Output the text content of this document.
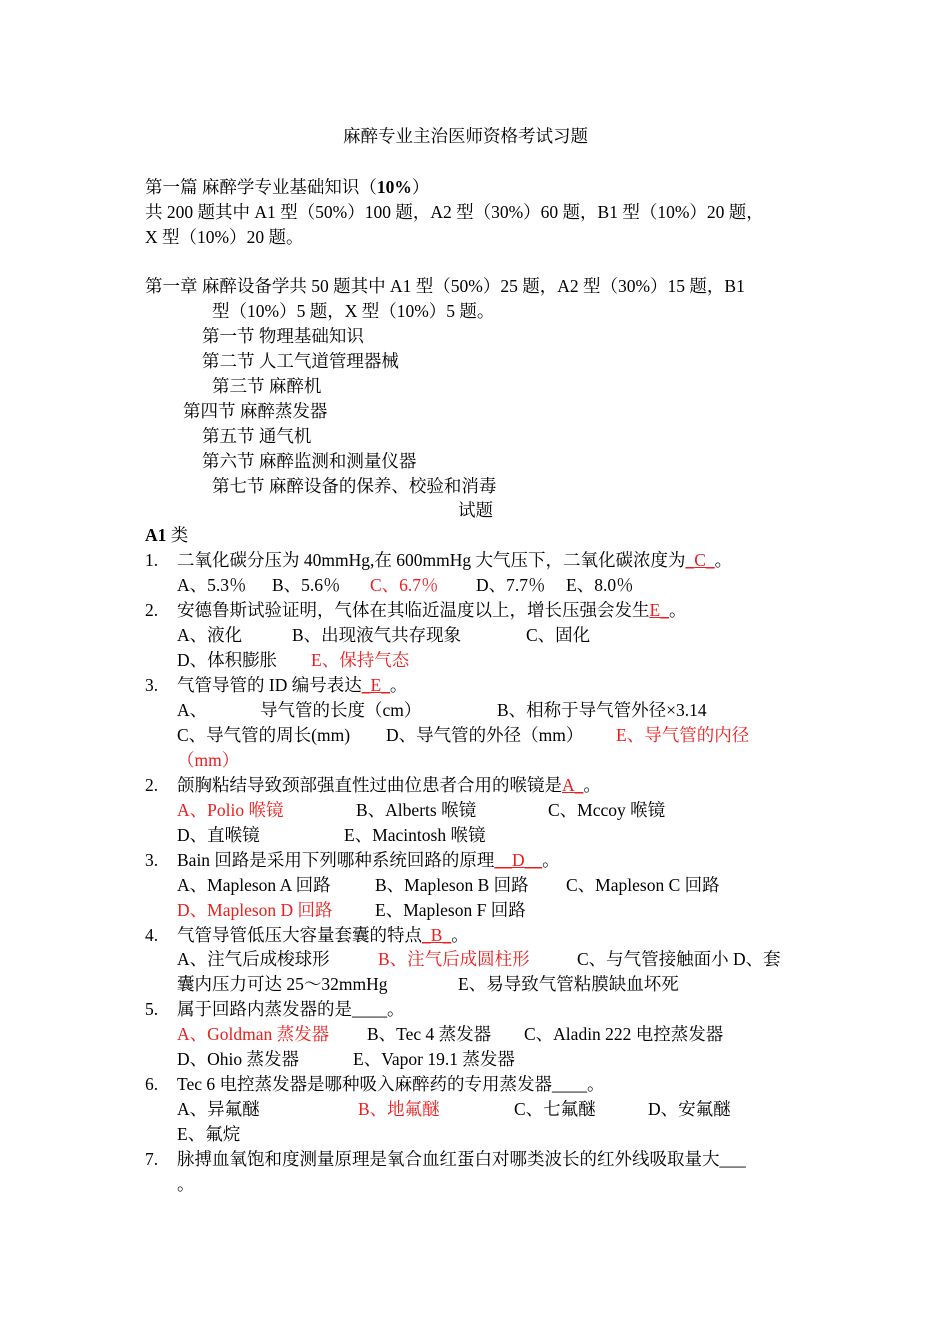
麻醉专业主治医师资格考试习题
第一篇 麻醉学专业基础知识（10%）
共 200 题其中 A1 型（50%）100 题，A2 型（30%）60 题，B1 型（10%）20 题，
X 型（10%）20 题。
第一章 麻醉设备学共 50 题其中 A1 型（50%）25 题，A2 型（30%）15 题，B1
型（10%）5 题，X 型（10%）5 题。
第一节 物理基础知识
第二节 人工气道管理器械
第三节 麻醉机
第四节 麻醉蒸发器
第五节 通气机
第六节 麻醉监测和测量仪器
第七节 麻醉设备的保养、校验和消毒
试题
A1 类
1. 二氧化碳分压为 40mmHg,在 600mmHg 大气压下，二氧化碳浓度为_C_。
A、5.3％ B、5.6％ C、6.7％ D、7.7％ E、8.0％
2. 安德鲁斯试验证明，气体在其临近温度以上，增长压强会发生E_。
A、液化	B、出现液气共存现象	C、固化
D、体积膨胀 E、保持气态
3. 气管导管的 ID 编号表达_E_。
A、	导气管的长度（cm）	B、相称于导气管外径×3.14
C、导气管的周长(mm) D、导气管的外径（mm） E、导气管的内径
（mm）
2. 颌胸粘结导致颈部强直性过曲位患者合用的喉镜是A_。
A、Polio 喉镜	B、Alberts 喉镜	C、Mccoy 喉镜
D、直喉镜	E、Macintosh 喉镜
3. Bain 回路是采用下列哪种系统回路的原理__D__。
A、Mapleson A 回路	B、Mapleson B 回路 C、Mapleson C 回路
D、Mapleson D 回路 E、Mapleson F 回路
4. 气管导管低压大容量套囊的特点_B_。
A、注气后成梭球形	B、注气后成圆柱形	C、与气管接触面小 D、套
囊内压力可达 25～32mmHg	E、易导致气管粘膜缺血坏死
5. 属于回路内蒸发器的是____。
A、Goldman 蒸发器 B、Tec 4 蒸发器 C、Aladin 222 电控蒸发器
D、Ohio 蒸发器	E、Vapor 19.1 蒸发器
6. Tec 6 电控蒸发器是哪种吸入麻醉药的专用蒸发器____。
A、异氟醚	B、地氟醚	C、七氟醚	D、安氟醚
E、氟烷
7. 脉搏血氧饱和度测量原理是氧合血红蛋白对哪类波长的红外线吸取量大___
。
